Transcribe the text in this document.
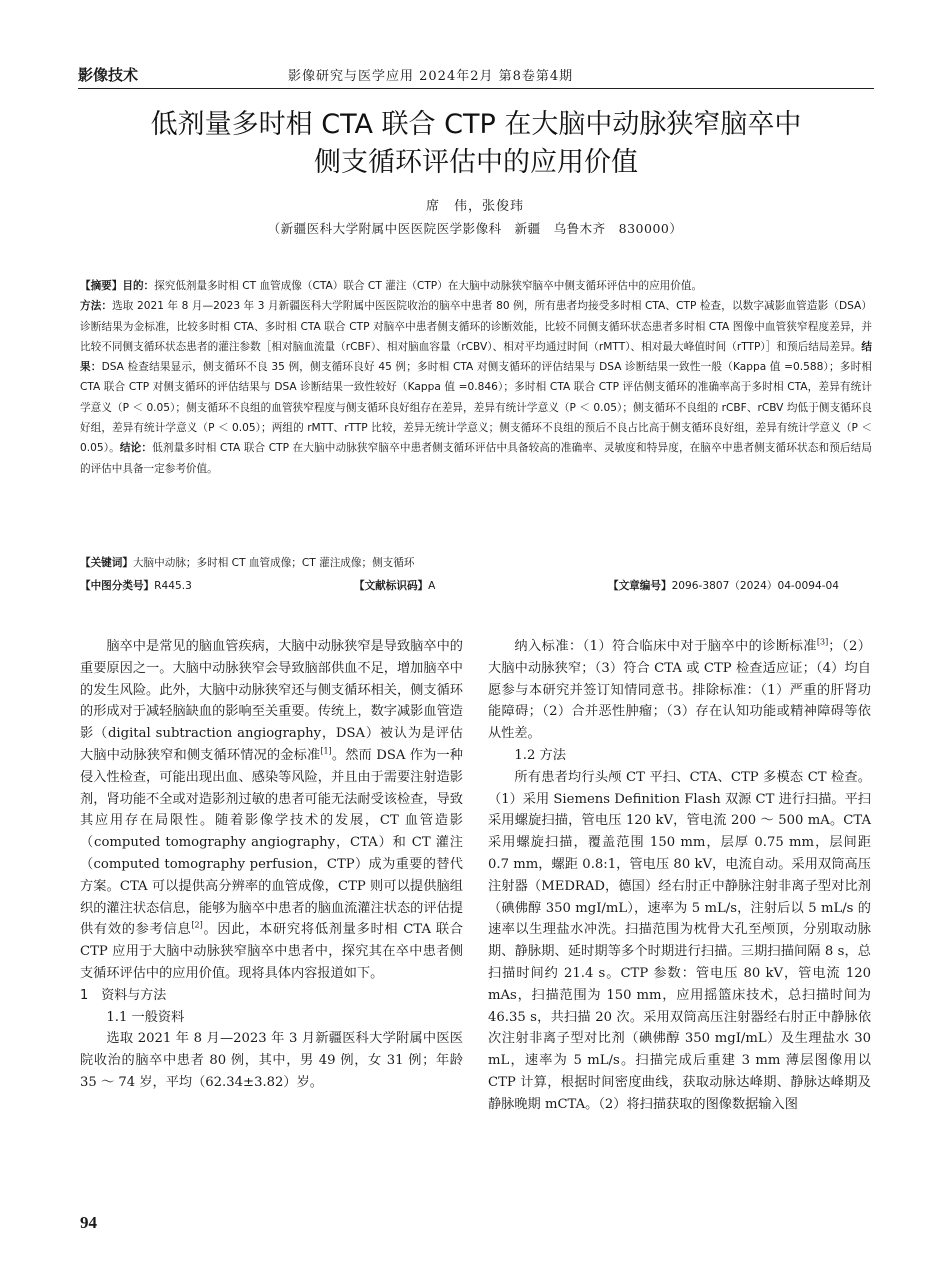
影像技术	影像研究与医学应用 2024年2月 第8卷第4期
低剂量多时相 CTA 联合 CTP 在大脑中动脉狭窄脑卒中
侧支循环评估中的应用价值
席　伟，张俊玮
（新疆医科大学附属中医医院医学影像科　新疆　乌鲁木齐　830000）
【摘要】目的：探究低剂量多时相 CT 血管成像（CTA）联合 CT 灌注（CTP）在大脑中动脉狭窄脑卒中侧支循环评估中的应用价值。
方法：选取 2021 年 8 月—2023 年 3 月新疆医科大学附属中医医院收治的脑卒中患者 80 例，所有患者均接受多时相 CTA、CTP 检查，以数字减影血管造影（DSA）诊断结果为金标准，比较多时相 CTA、多时相 CTA 联合 CTP 对脑卒中患者侧支循环的诊断效能，比较不同侧支循环状态患者多时相 CTA 图像中血管狭窄程度差异，并比较不同侧支循环状态患者的灌注参数［相对脑血流量（rCBF）、相对脑血容量（rCBV）、相对平均通过时间（rMTT）、相对最大峰值时间（rTTP）］和预后结局差异。结果：DSA 检查结果显示，侧支循环不良 35 例，侧支循环良好 45 例；多时相 CTA 对侧支循环的评估结果与 DSA 诊断结果一致性一般（Kappa 值 =0.588）；多时相 CTA 联合 CTP 对侧支循环的评估结果与 DSA 诊断结果一致性较好（Kappa 值 =0.846）；多时相 CTA 联合 CTP 评估侧支循环的准确率高于多时相 CTA，差异有统计学意义（P ＜ 0.05）；侧支循环不良组的血管狭窄程度与侧支循环良好组存在差异，差异有统计学意义（P ＜ 0.05）；侧支循环不良组的 rCBF、rCBV 均低于侧支循环良好组，差异有统计学意义（P ＜ 0.05）；两组的 rMTT、rTTP 比较，差异无统计学意义；侧支循环不良组的预后不良占比高于侧支循环良好组，差异有统计学意义（P ＜ 0.05）。结论：低剂量多时相 CTA 联合 CTP 在大脑中动脉狭窄脑卒中患者侧支循环评估中具备较高的准确率、灵敏度和特异度，在脑卒中患者侧支循环状态和预后结局的评估中具备一定参考价值。
【关键词】大脑中动脉；多时相 CT 血管成像；CT 灌注成像；侧支循环
【中图分类号】R445.3	【文献标识码】A	【文章编号】2096-3807（2024）04-0094-04

脑卒中是常见的脑血管疾病，大脑中动脉狭窄是导致脑卒中的重要原因之一。大脑中动脉狭窄会导致脑部供血不足，增加脑卒中的发生风险。此外，大脑中动脉狭窄还与侧支循环相关，侧支循环的形成对于减轻脑缺血的影响至关重要。传统上，数字减影血管造影（digital subtraction angiography，DSA）被认为是评估大脑中动脉狭窄和侧支循环情况的金标准[1]。然而 DSA 作为一种侵入性检查，可能出现出血、感染等风险，并且由于需要注射造影剂，肾功能不全或对造影剂过敏的患者可能无法耐受该检查，导致其应用存在局限性。随着影像学技术的发展，CT 血管造影（computed tomography angiography，CTA）和 CT 灌注（computed tomography perfusion，CTP）成为重要的替代方案。CTA 可以提供高分辨率的血管成像，CTP 则可以提供脑组织的灌注状态信息，能够为脑卒中患者的脑血流灌注状态的评估提供有效的参考信息[2]。因此，本研究将低剂量多时相 CTA 联合 CTP 应用于大脑中动脉狭窄脑卒中患者中，探究其在卒中患者侧支循环评估中的应用价值。现将具体内容报道如下。

1　资料与方法
1.1 一般资料

选取 2021 年 8 月—2023 年 3 月新疆医科大学附属中医医院收治的脑卒中患者 80 例，其中，男 49 例，女 31 例；年龄 35 ～ 74 岁，平均（62.34±3.82）岁。

纳入标准：（1）符合临床中对于脑卒中的诊断标准[3]；（2）大脑中动脉狭窄；（3）符合 CTA 或 CTP 检查适应证；（4）均自愿参与本研究并签订知情同意书。排除标准：（1）严重的肝肾功能障碍；（2）合并恶性肿瘤；（3）存在认知功能或精神障碍等依从性差。

1.2 方法

所有患者均行头颅 CT 平扫、CTA、CTP 多模态 CT 检查。（1）采用 Siemens Definition Flash 双源 CT 进行扫描。平扫采用螺旋扫描，管电压 120 kV，管电流 200 ～ 500 mA。CTA 采用螺旋扫描，覆盖范围 150 mm，层厚 0.75 mm，层间距 0.7 mm，螺距 0.8:1，管电压 80 kV，电流自动。采用双筒高压注射器（MEDRAD，德国）经右肘正中静脉注射非离子型对比剂（碘佛醇 350 mgI/mL），速率为 5 mL/s，注射后以 5 mL/s 的速率以生理盐水冲洗。扫描范围为枕骨大孔至颅顶，分别取动脉期、静脉期、延时期等多个时期进行扫描。三期扫描间隔 8 s，总扫描时间约 21.4 s。CTP 参数：管电压 80 kV，管电流 120 mAs，扫描范围为 150 mm，应用摇篮床技术，总扫描时间为 46.35 s，共扫描 20 次。采用双筒高压注射器经右肘正中静脉依次注射非离子型对比剂（碘佛醇 350 mgI/mL）及生理盐水 30 mL，速率为 5 mL/s。扫描完成后重建 3 mm 薄层图像用以 CTP 计算，根据时间密度曲线，获取动脉达峰期、静脉达峰期及静脉晚期 mCTA。（2）将扫描获取的图像数据输入图

94
